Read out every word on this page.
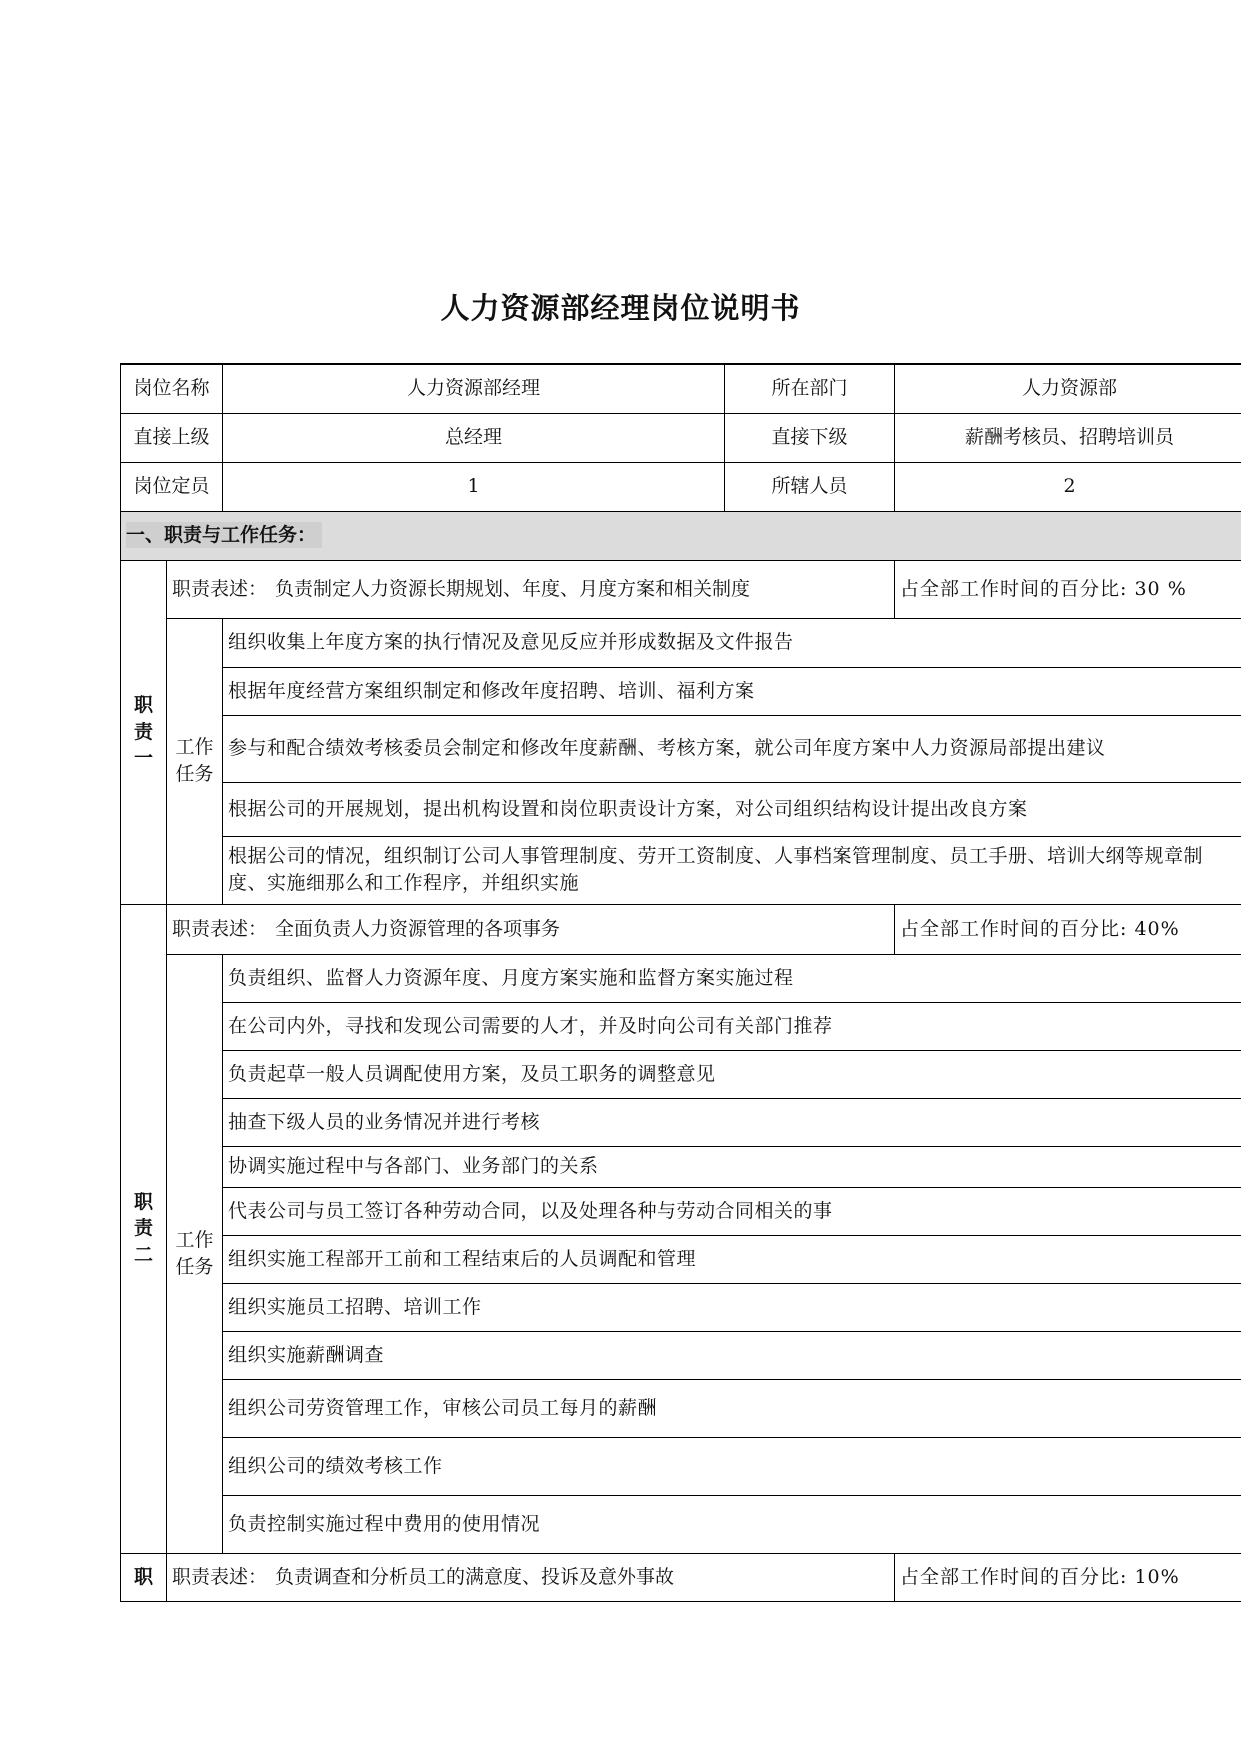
人力资源部经理岗位说明书
岗位名称		人力资源部经理	所在部门	人力资源部
直接上级		总经理	直接下级	薪酬考核员、招聘培训员
岗位定员		1	所辖人员	2
一、职责与工作任务：				

职责一	职责表述： 负责制定人力资源长期规划、年度、月度方案和相关制度			占全部工作时间的百分比: 30 %

	工作任务	组织收集上年度方案的执行情况及意见反应并形成数据及文件报告		
		根据年度经营方案组织制定和修改年度招聘、培训、福利方案		
		参与和配合绩效考核委员会制定和修改年度薪酬、考核方案，就公司年度方案中人力资源局部提出建议		
		根据公司的开展规划，提出机构设置和岗位职责设计方案，对公司组织结构设计提出改良方案		
		根据公司的情况，组织制订公司人事管理制度、劳开工资制度、人事档案管理制度、员工手册、培训大纲等规章制度、实施细那么和工作程序，并组织实施		

职责二	职责表述： 全面负责人力资源管理的各项事务			占全部工作时间的百分比: 40%

	工作任务	负责组织、监督人力资源年度、月度方案实施和监督方案实施过程		
		在公司内外，寻找和发现公司需要的人才，并及时向公司有关部门推荐		
		负责起草一般人员调配使用方案，及员工职务的调整意见		
		抽查下级人员的业务情况并进行考核		
		协调实施过程中与各部门、业务部门的关系		
		代表公司与员工签订各种劳动合同，以及处理各种与劳动合同相关的事		
		组织实施工程部开工前和工程结束后的人员调配和管理		
		组织实施员工招聘、培训工作		
		组织实施薪酬调查		
		组织公司劳资管理工作，审核公司员工每月的薪酬		
		组织公司的绩效考核工作		
		负责控制实施过程中费用的使用情况		
职	职责表述： 负责调查和分析员工的满意度、投诉及意外事故			占全部工作时间的百分比: 10%
